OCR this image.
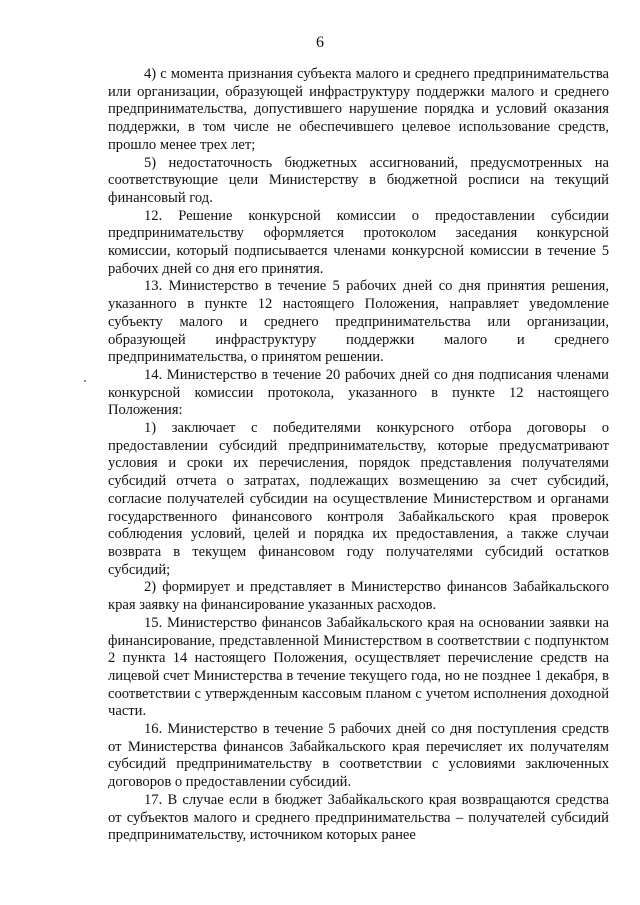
6

4) с момента признания субъекта малого и среднего предпринимательства или организации, образующей инфраструктуру поддержки малого и среднего предпринимательства, допустившего нарушение порядка и условий оказания поддержки, в том числе не обеспечившего целевое использование средств, прошло менее трех лет;

5) недостаточность бюджетных ассигнований, предусмотренных на соответствующие цели Министерству в бюджетной росписи на текущий финансовый год.

12. Решение конкурсной комиссии о предоставлении субсидии предпринимательству оформляется протоколом заседания конкурсной комиссии, который подписывается членами конкурсной комиссии в течение 5 рабочих дней со дня его принятия.

13. Министерство в течение 5 рабочих дней со дня принятия решения, указанного в пункте 12 настоящего Положения, направляет уведомление субъекту малого и среднего предпринимательства или организации, образующей инфраструктуру поддержки малого и среднего предпринимательства, о принятом решении.

14. Министерство в течение 20 рабочих дней со дня подписания членами конкурсной комиссии протокола, указанного в пункте 12 настоящего Положения:

1) заключает с победителями конкурсного отбора договоры о предоставлении субсидий предпринимательству, которые предусматривают условия и сроки их перечисления, порядок представления получателями субсидий отчета о затратах, подлежащих возмещению за счет субсидий, согласие получателей субсидии на осуществление Министерством и органами государственного финансового контроля Забайкальского края проверок соблюдения условий, целей и порядка их предоставления, а также случаи возврата в текущем финансовом году получателями субсидий остатков субсидий;

2) формирует и представляет в Министерство финансов Забайкальского края заявку на финансирование указанных расходов.

15. Министерство финансов Забайкальского края на основании заявки на финансирование, представленной Министерством в соответствии с подпунктом 2 пункта 14 настоящего Положения, осуществляет перечисление средств на лицевой счет Министерства в течение текущего года, но не позднее 1 декабря, в соответствии с утвержденным кассовым планом с учетом исполнения доходной части.

16. Министерство в течение 5 рабочих дней со дня поступления средств от Министерства финансов Забайкальского края перечисляет их получателям субсидий предпринимательству в соответствии с условиями заключенных договоров о предоставлении субсидий.

17. В случае если в бюджет Забайкальского края возвращаются средства от субъектов малого и среднего предпринимательства – получателей субсидий предпринимательству, источником которых ранее
